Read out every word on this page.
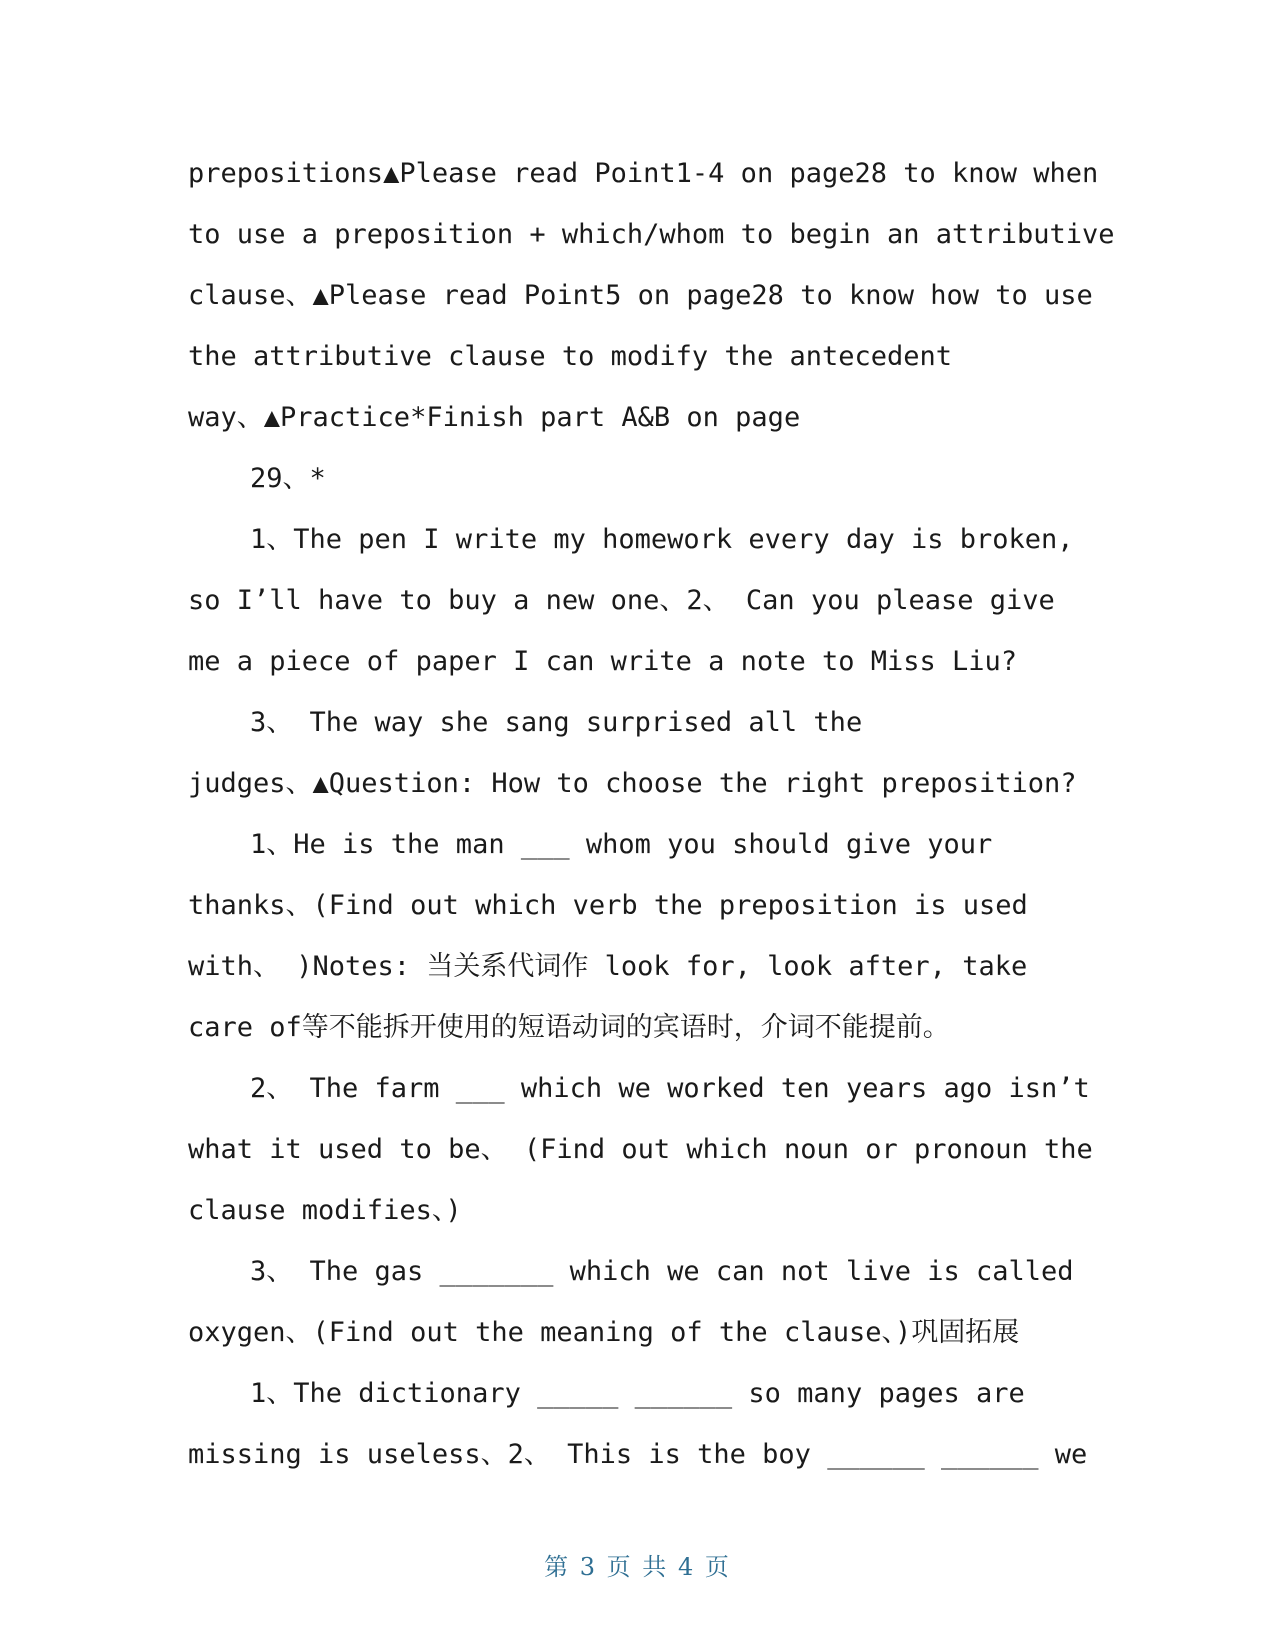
prepositions▲Please read Point1-4 on page28 to know when
to use a preposition + which/whom to begin an attributive
clause、▲Please read Point5 on page28 to know how to use
the attributive clause to modify the antecedent
way、▲Practice*Finish part A&B on page
29、*
1、The pen I write my homework every day is broken,
so I’ll have to buy a new one、2、 Can you please give
me a piece of paper I can write a note to Miss Liu?
3、 The way she sang surprised all the
judges、▲Question: How to choose the right preposition?
1、He is the man ___ whom you should give your
thanks、(Find out which verb the preposition is used
with、 )Notes: 当关系代词作 look for, look after, take
care of等不能拆开使用的短语动词的宾语时，介词不能提前。
2、 The farm ___ which we worked ten years ago isn’t
what it used to be、 (Find out which noun or pronoun the
clause modifies、)
3、 The gas _______ which we can not live is called
oxygen、(Find out the meaning of the clause、)巩固拓展
1、The dictionary _____ ______ so many pages are
missing is useless、2、 This is the boy ______ ______ we
第 3 页 共 4 页
